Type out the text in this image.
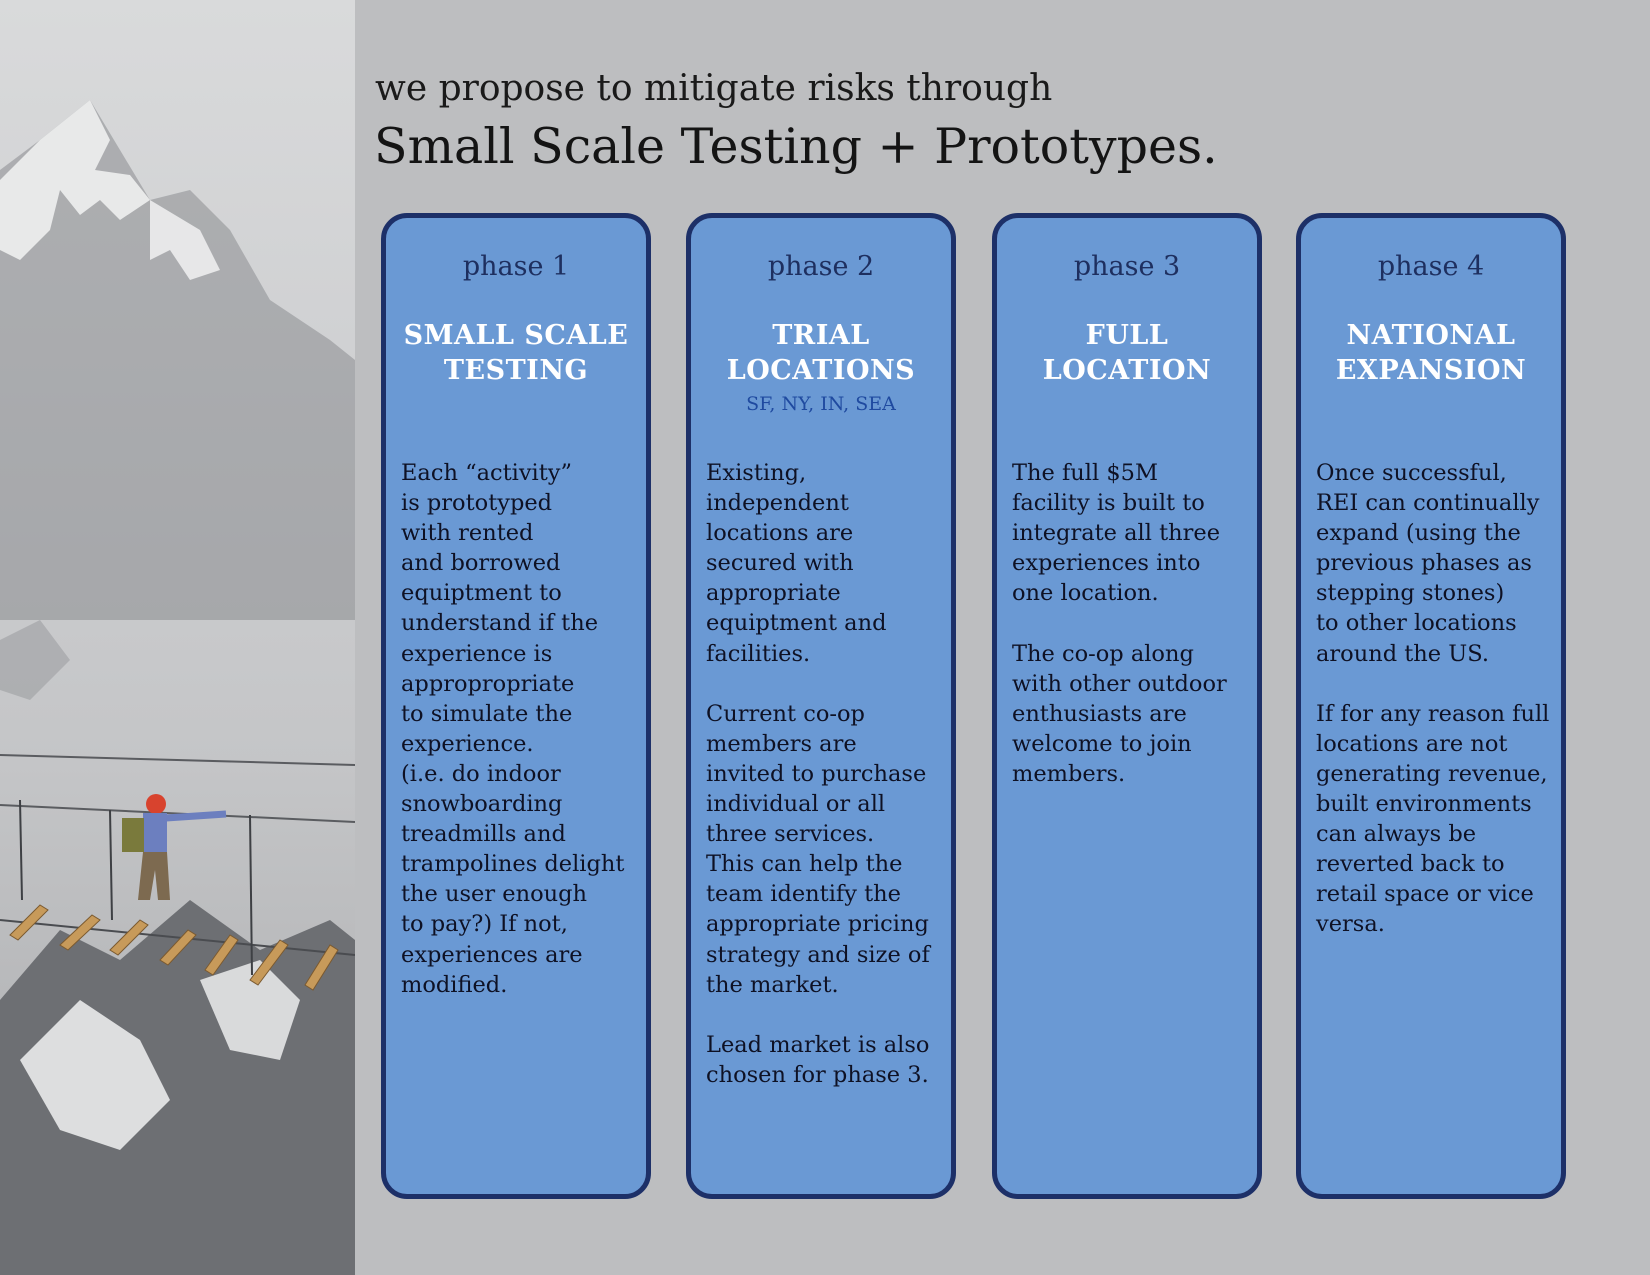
we propose to mitigate risks through
Small Scale Testing + Prototypes.
phase 1
SMALL SCALE
TESTING
Each “activity”
is prototyped
with rented
and borrowed
equiptment to
understand if the
experience is
appropropriate
to simulate the
experience.
(i.e. do indoor
snowboarding
treadmills and
trampolines delight
the user enough
to pay?) If not,
experiences are
modified.
phase 2
TRIAL
LOCATIONS
SF, NY, IN, SEA
Existing,
independent
locations are
secured with
appropriate
equiptment and
facilities.

Current co-op
members are
invited to purchase
individual or all
three services.
This can help the
team identify the
appropriate pricing
strategy and size of
the market.

Lead market is also
chosen for phase 3.
phase 3
FULL
LOCATION
The full $5M
facility is built to
integrate all three
experiences into
one location.

The co-op along
with other outdoor
enthusiasts are
welcome to join
members.
phase 4
NATIONAL
EXPANSION
Once successful,
REI can continually
expand (using the
previous phases as
stepping stones)
to other locations
around the US.

If for any reason full
locations are not
generating revenue,
built environments
can always be
reverted back to
retail space or vice
versa.
